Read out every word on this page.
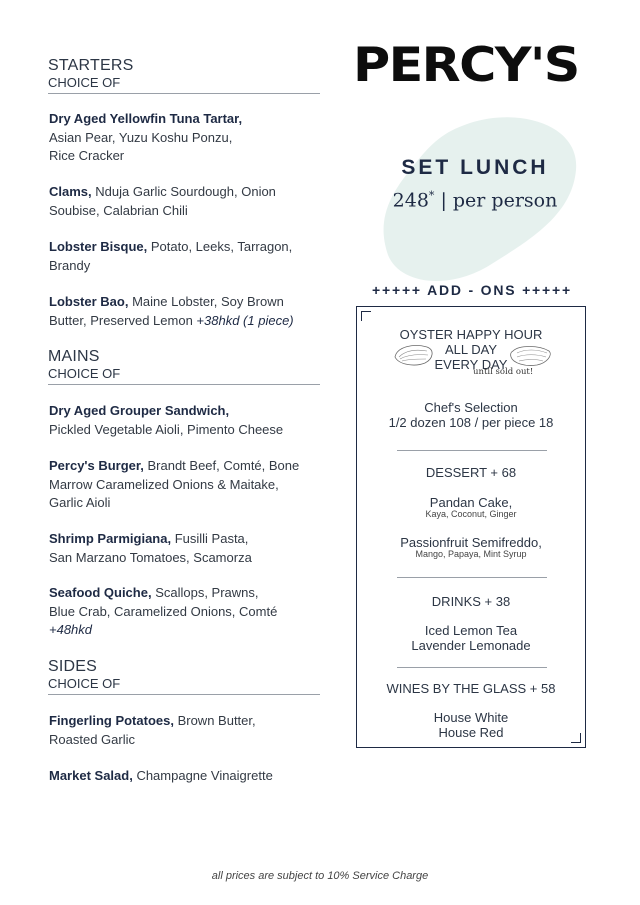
STARTERS
CHOICE OF
Dry Aged Yellowfin Tuna Tartar,
Asian Pear, Yuzu Koshu Ponzu,
Rice Cracker
Clams, Nduja Garlic Sourdough, Onion
Soubise, Calabrian Chili
Lobster Bisque, Potato, Leeks, Tarragon,
Brandy
Lobster Bao, Maine Lobster, Soy Brown
Butter, Preserved Lemon +38hkd (1 piece)
MAINS
CHOICE OF
Dry Aged Grouper Sandwich,
Pickled Vegetable Aioli, Pimento Cheese
Percy's Burger, Brandt Beef, Comté, Bone
Marrow Caramelized Onions & Maitake,
Garlic Aioli
Shrimp Parmigiana, Fusilli Pasta,
San Marzano Tomatoes, Scamorza
Seafood Quiche, Scallops, Prawns,
Blue Crab, Caramelized Onions, Comté
+48hkd
SIDES
CHOICE OF
Fingerling Potatoes, Brown Butter,
Roasted Garlic
Market Salad, Champagne Vinaigrette
PERCY'S
SET LUNCH
248* | per person
+++++ ADD - ONS +++++
OYSTER HAPPY HOUR
ALL DAY
EVERY DAY
until sold out!
Chef's Selection
1/2 dozen 108 / per piece 18
DESSERT + 68
Pandan Cake,
Kaya, Coconut, Ginger
Passionfruit Semifreddo,
Mango, Papaya, Mint Syrup
DRINKS + 38
Iced Lemon Tea
Lavender Lemonade
WINES BY THE GLASS + 58
House White
House Red
all prices are subject to 10% Service Charge
